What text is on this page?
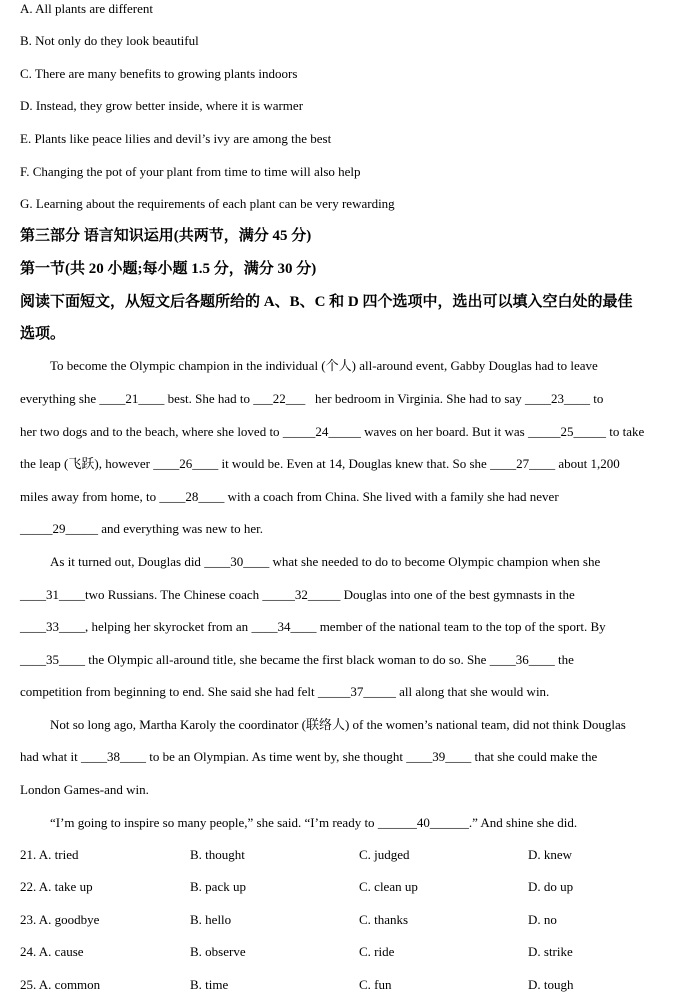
A. All plants are different
B. Not only do they look beautiful
C. There are many benefits to growing plants indoors
D. Instead, they grow better inside, where it is warmer
E. Plants like peace lilies and devil’s ivy are among the best
F. Changing the pot of your plant from time to time will also help
G. Learning about the requirements of each plant can be very rewarding
第三部分 语言知识运用(共两节，满分 45 分)
第一节(共 20 小题;每小题 1.5 分，满分 30 分)
阅读下面短文，从短文后各题所给的 A、B、C 和 D 四个选项中，选出可以填入空白处的最佳
选项。
To become the Olympic champion in the individual (个人) all-around event, Gabby Douglas had to leave
everything she ____21____ best. She had to ___22___   her bedroom in Virginia. She had to say ____23____ to
her two dogs and to the beach, where she loved to _____24_____ waves on her board. But it was _____25_____ to take
the leap (飞跃), however ____26____ it would be. Even at 14, Douglas knew that. So she ____27____ about 1,200
miles away from home, to ____28____ with a coach from China. She lived with a family she had never
_____29_____ and everything was new to her.
As it turned out, Douglas did ____30____ what she needed to do to become Olympic champion when she
____31____two Russians. The Chinese coach _____32_____ Douglas into one of the best gymnasts in the
____33____, helping her skyrocket from an ____34____ member of the national team to the top of the sport. By
____35____ the Olympic all-around title, she became the first black woman to do so. She ____36____ the
competition from beginning to end. She said she had felt _____37_____ all along that she would win.
Not so long ago, Martha Karoly the coordinator (联络人) of the women’s national team, did not think Douglas
had what it ____38____ to be an Olympian. As time went by, she thought ____39____ that she could make the
London Games-and win.
“I’m going to inspire so many people,” she said. “I’m ready to ______40______.” And shine she did.
21. A. tried	B. thought	C. judged	D. knew
22. A. take up	B. pack up	C. clean up	D. do up
23. A. goodbye	B. hello	C. thanks	D. no
24. A. cause	B. observe	C. ride	D. strike
25. A. common	B. time	C. fun	D. tough
